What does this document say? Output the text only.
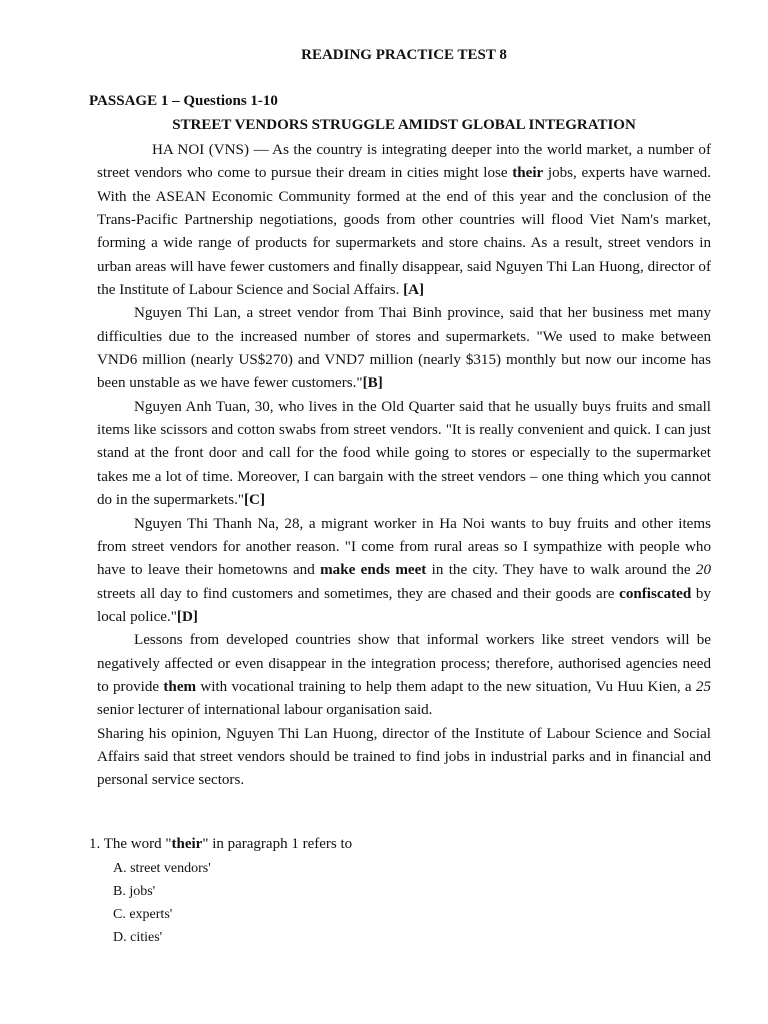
READING PRACTICE TEST 8
PASSAGE 1 – Questions 1-10
STREET VENDORS STRUGGLE AMIDST GLOBAL INTEGRATION

HA NOI (VNS) — As the country is integrating deeper into the world market, a number of street vendors who come to pursue their dream in cities might lose their jobs, experts have warned. With the ASEAN Economic Community formed at the end of this year and the conclusion of the Trans-Pacific Partnership negotiations, goods from other countries will flood Viet Nam's market, forming a wide range of products for supermarkets and store chains. As a result, street vendors in urban areas will have fewer customers and finally disappear, said Nguyen Thi Lan Huong, director of the Institute of Labour Science and Social Affairs. [A]

Nguyen Thi Lan, a street vendor from Thai Binh province, said that her business met many difficulties due to the increased number of stores and supermarkets. "We used to make between VND6 million (nearly US$270) and VND7 million (nearly $315) monthly but now our income has been unstable as we have fewer customers."[B]

Nguyen Anh Tuan, 30, who lives in the Old Quarter said that he usually buys fruits and small items like scissors and cotton swabs from street vendors. "It is really convenient and quick. I can just stand at the front door and call for the food while going to stores or especially to the supermarket takes me a lot of time. Moreover, I can bargain with the street vendors – one thing which you cannot do in the supermarkets."[C]

Nguyen Thi Thanh Na, 28, a migrant worker in Ha Noi wants to buy fruits and other items from street vendors for another reason. "I come from rural areas so I sympathize with people who have to leave their hometowns and make ends meet in the city. They have to walk around the 20 streets all day to find customers and sometimes, they are chased and their goods are confiscated by local police."[D]

Lessons from developed countries show that informal workers like street vendors will be negatively affected or even disappear in the integration process; therefore, authorised agencies need to provide them with vocational training to help them adapt to the new situation, Vu Huu Kien, a 25 senior lecturer of international labour organisation said.

Sharing his opinion, Nguyen Thi Lan Huong, director of the Institute of Labour Science and Social Affairs said that street vendors should be trained to find jobs in industrial parks and in financial and personal service sectors.

1. The word "their" in paragraph 1 refers to
A. street vendors'
B. jobs'
C. experts'
D. cities'
